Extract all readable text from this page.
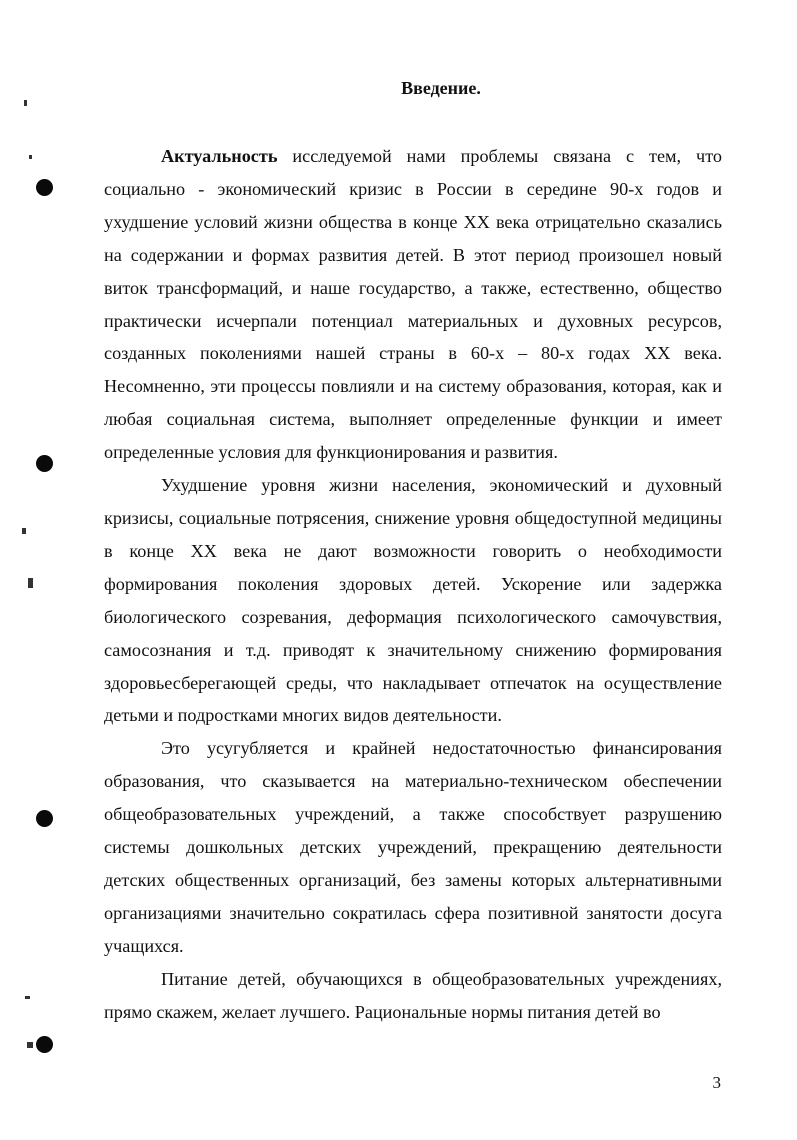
Введение.

Актуальность исследуемой нами проблемы связана с тем, что социально - экономический кризис в России в середине 90-х годов и ухудшение условий жизни общества в конце XX века отрицательно сказались на содержании и формах развития детей. В этот период произошел новый виток трансформаций, и наше государство, а также, естественно, общество практически исчерпали потенциал материальных и духовных ресурсов, созданных поколениями нашей страны в 60-х – 80-х годах XX века. Несомненно, эти процессы повлияли и на систему образования, которая, как и любая социальная система, выполняет определенные функции и имеет определенные условия для функционирования и развития.

Ухудшение уровня жизни населения, экономический и духовный кризисы, социальные потрясения, снижение уровня общедоступной медицины в конце XX века не дают возможности говорить о необходимости формирования поколения здоровых детей. Ускорение или задержка биологического созревания, деформация психологического самочувствия, самосознания и т.д. приводят к значительному снижению формирования здоровьесберегающей среды, что накладывает отпечаток на осуществление детьми и подростками многих видов деятельности.

Это усугубляется и крайней недостаточностью финансирования образования, что сказывается на материально-техническом обеспечении общеобразовательных учреждений, а также способствует разрушению системы дошкольных детских учреждений, прекращению деятельности детских общественных организаций, без замены которых альтернативными организациями значительно сократилась сфера позитивной занятости досуга учащихся.

Питание детей, обучающихся в общеобразовательных учреждениях, прямо скажем, желает лучшего. Рациональные нормы питания детей во

3
